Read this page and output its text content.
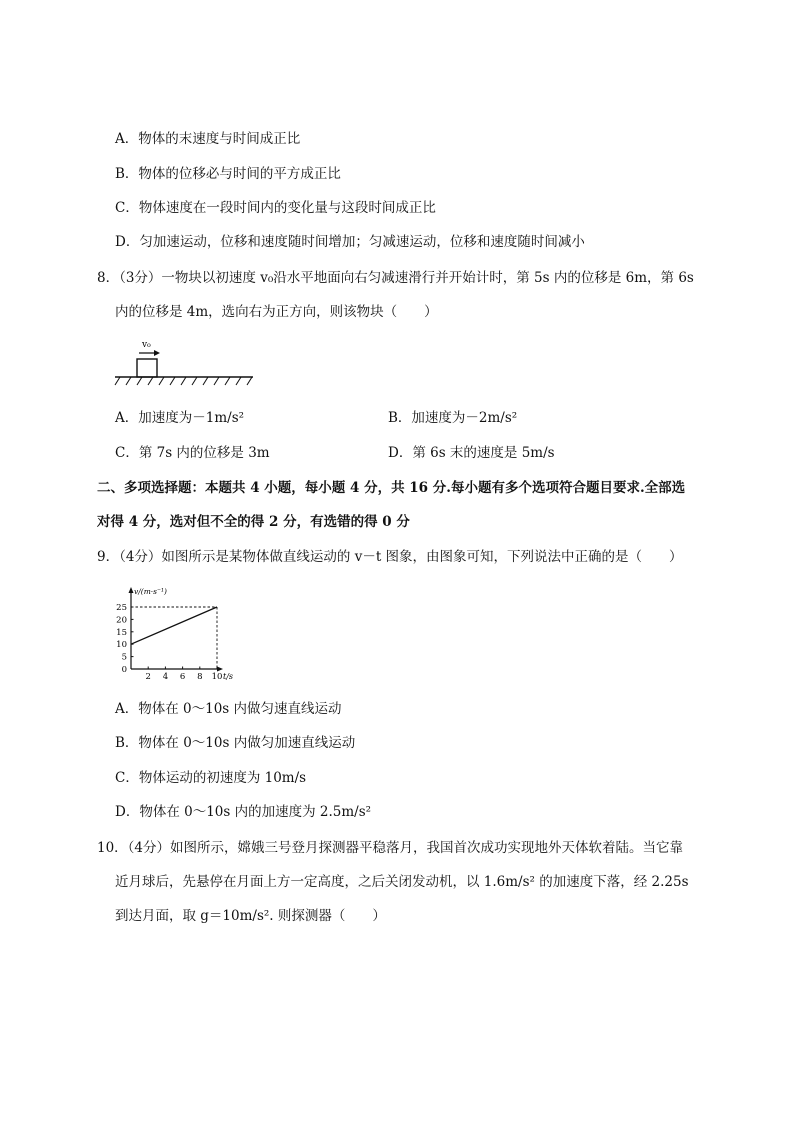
A．物体的末速度与时间成正比
B．物体的位移必与时间的平方成正比
C．物体速度在一段时间内的变化量与这段时间成正比
D．匀加速运动，位移和速度随时间增加；匀减速运动，位移和速度随时间减小
8．（3分）一物块以初速度 v₀沿水平地面向右匀减速滑行并开始计时，第 5s 内的位移是 6m，第 6s
内的位移是 4m，选向右为正方向，则该物块（　　）
v₀
A．加速度为－1m/s²	B．加速度为－2m/s²
C．第 7s 内的位移是 3m	D．第 6s 末的速度是 5m/s
二、多项选择题：本题共 4 小题，每小题 4 分，共 16 分.每小题有多个选项符合题目要求.全部选
对得 4 分，选对但不全的得 2 分，有选错的得 0 分
9．（4分）如图所示是某物体做直线运动的 v－t 图象，由图象可知，下列说法中正确的是（　　）
v/(m·s⁻¹)
t/s
2 4 6 8 10
0
5
10
15
20
25
A．物体在 0～10s 内做匀速直线运动
B．物体在 0～10s 内做匀加速直线运动
C．物体运动的初速度为 10m/s
D．物体在 0～10s 内的加速度为 2.5m/s²
10．（4分）如图所示，嫦娥三号登月探测器平稳落月，我国首次成功实现地外天体软着陆。当它靠
近月球后，先悬停在月面上方一定高度，之后关闭发动机，以 1.6m/s² 的加速度下落，经 2.25s
到达月面，取 g＝10m/s². 则探测器（　　）
